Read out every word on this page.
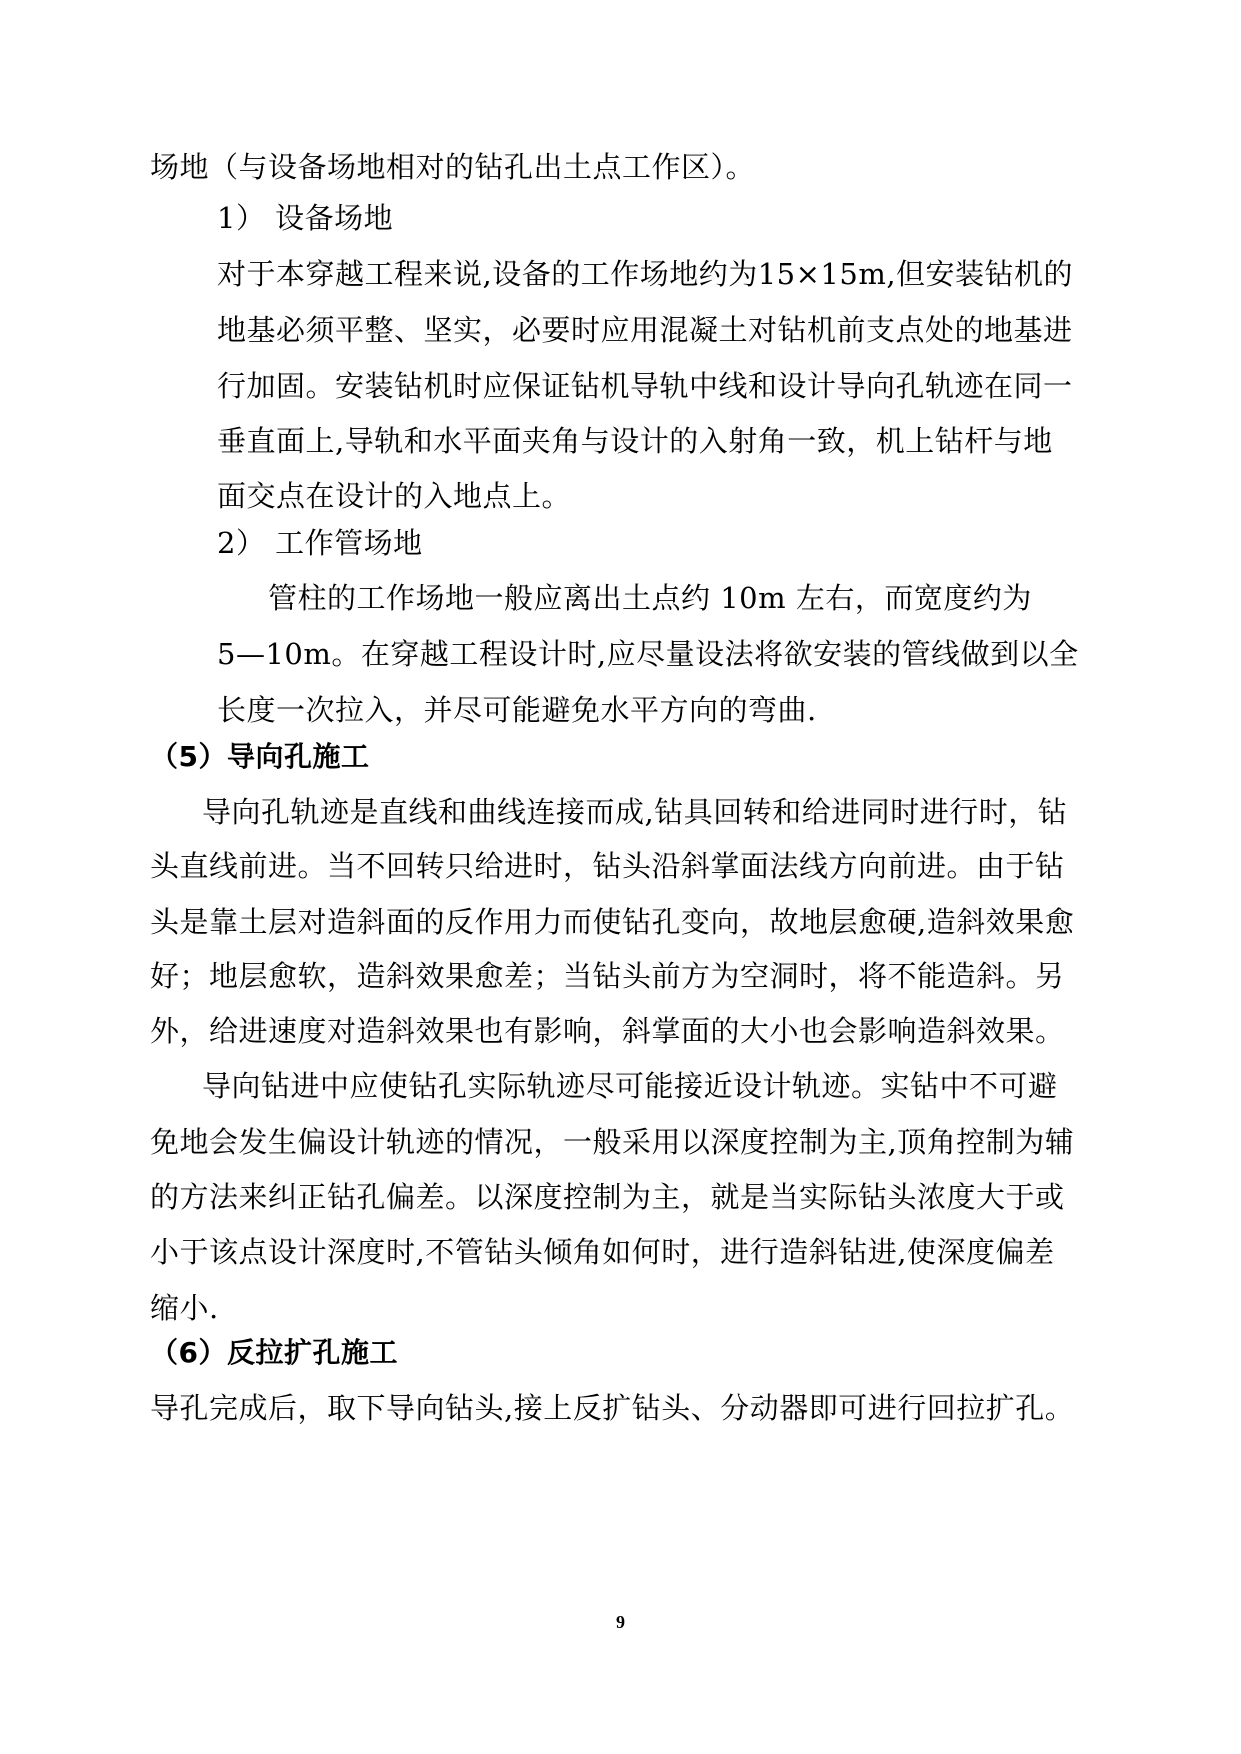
场地（与设备场地相对的钻孔出土点工作区）。
1） 设备场地
对于本穿越工程来说,设备的工作场地约为15×15m,但安装钻机的
地基必须平整、坚实，必要时应用混凝土对钻机前支点处的地基进
行加固。安装钻机时应保证钻机导轨中线和设计导向孔轨迹在同一
垂直面上,导轨和水平面夹角与设计的入射角一致，机上钻杆与地
面交点在设计的入地点上。
2） 工作管场地
管柱的工作场地一般应离出土点约 10m 左右，而宽度约为
5—10m。在穿越工程设计时,应尽量设法将欲安装的管线做到以全
长度一次拉入，并尽可能避免水平方向的弯曲.
（5）导向孔施工
导向孔轨迹是直线和曲线连接而成,钻具回转和给进同时进行时，钻
头直线前进。当不回转只给进时，钻头沿斜掌面法线方向前进。由于钻
头是靠土层对造斜面的反作用力而使钻孔变向，故地层愈硬,造斜效果愈
好；地层愈软，造斜效果愈差；当钻头前方为空洞时，将不能造斜。另
外，给进速度对造斜效果也有影响，斜掌面的大小也会影响造斜效果。
导向钻进中应使钻孔实际轨迹尽可能接近设计轨迹。实钻中不可避
免地会发生偏设计轨迹的情况，一般采用以深度控制为主,顶角控制为辅
的方法来纠正钻孔偏差。以深度控制为主，就是当实际钻头浓度大于或
小于该点设计深度时,不管钻头倾角如何时，进行造斜钻进,使深度偏差
缩小.
（6）反拉扩孔施工
导孔完成后，取下导向钻头,接上反扩钻头、分动器即可进行回拉扩孔。
9
